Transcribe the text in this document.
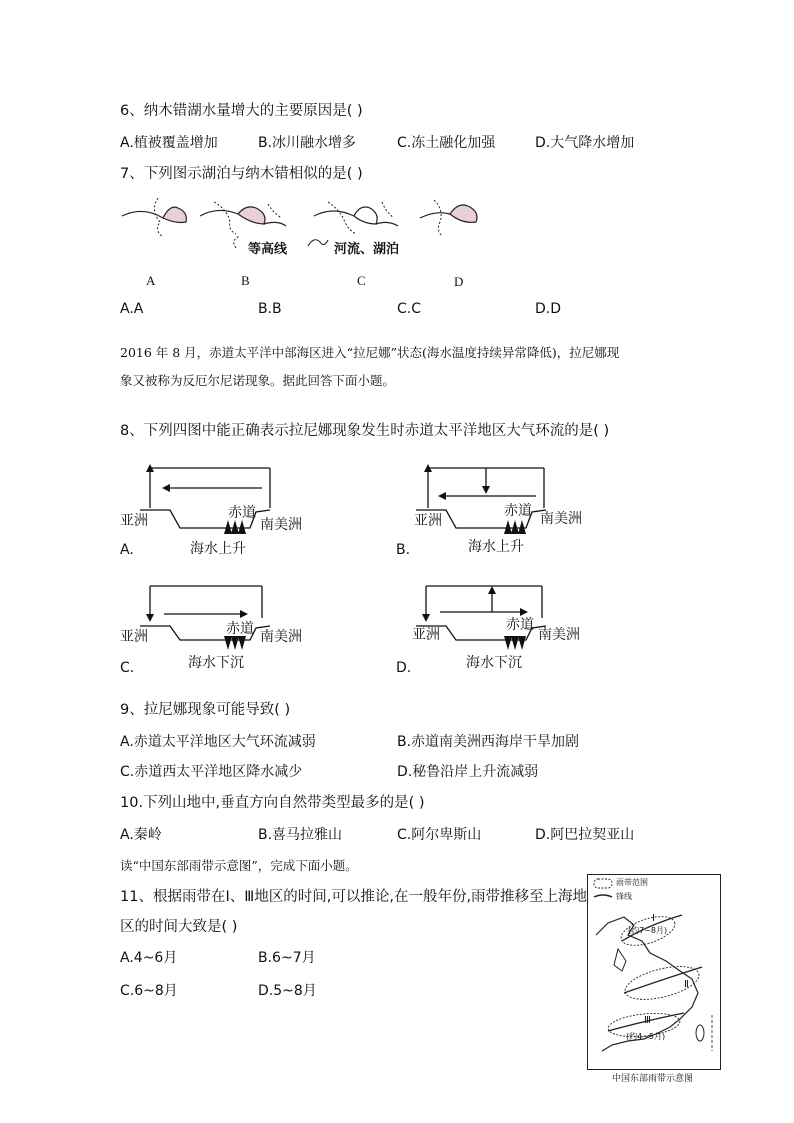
6、纳木错湖水量增大的主要原因是( )
A.植被覆盖增加	B.冰川融水增多	C.冻土融化加强	D.大气降水增加
7、下列图示湖泊与纳木错相似的是( )
等高线	河流、湖泊
A	B	C	D
A.A	B.B	C.C	D.D
2016 年 8 月，赤道太平洋中部海区进入“拉尼娜”状态(海水温度持续异常降低)，拉尼娜现
象又被称为反厄尔尼诺现象。据此回答下面小题。
8、下列四图中能正确表示拉尼娜现象发生时赤道太平洋地区大气环流的是( )
亚洲	赤道
南美洲
海水上升
A.
亚洲
赤道 南美洲
海水上升
B.
亚洲	赤道 南美洲
海水下沉
C.
亚洲
赤道
南美洲
海水下沉
D.
9、拉尼娜现象可能导致( )
A.赤道太平洋地区大气环流减弱	B.赤道南美洲西海岸干旱加剧
C.赤道西太平洋地区降水减少	D.秘鲁沿岸上升流减弱
10.下列山地中,垂直方向自然带类型最多的是( )
A.秦岭	B.喜马拉雅山	C.阿尔卑斯山	D.阿巴拉契亚山
读“中国东部雨带示意图”，完成下面小题。
11、根据雨带在Ⅰ、Ⅲ地区的时间,可以推论,在一般年份,雨带推移至上海地
区的时间大致是( )
A.4~6月	B.6~7月
C.6~8月	D.5~8月
雨带范围
锋线
Ⅰ
(约7~8月)
Ⅱ
Ⅲ
(约4~5月)
中国东部雨带示意图
